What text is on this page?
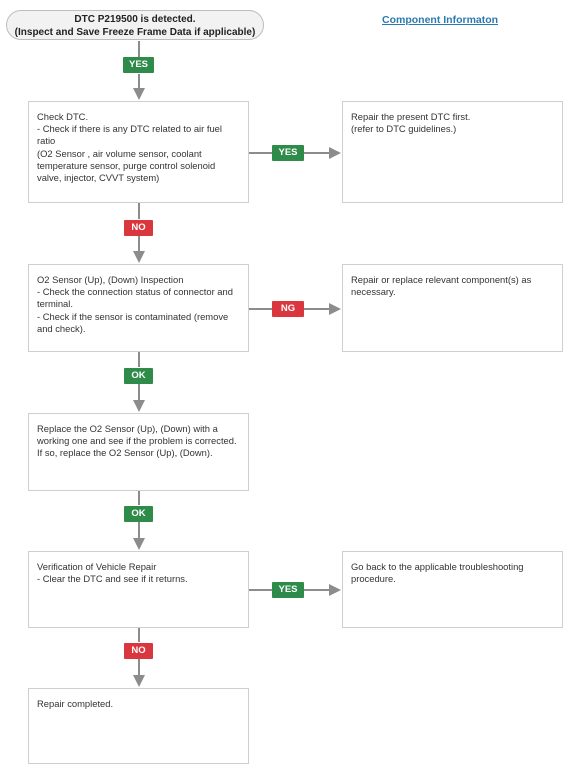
DTC P219500 is detected.
(Inspect and Save Freeze Frame Data if applicable)
Component Informaton
Check DTC.
- Check if there is any DTC related to air fuel ratio
(O2 Sensor , air volume sensor, coolant temperature sensor, purge control solenoid valve, injector, CVVT system)
O2 Sensor (Up), (Down) Inspection
- Check the connection status of connector and terminal.
- Check if the sensor is contaminated (remove and check).
Replace the O2 Sensor (Up), (Down) with a working one and see if the problem is corrected. If so, replace the O2 Sensor (Up), (Down).
Verification of Vehicle Repair
- Clear the DTC and see if it returns.
Repair completed.
Repair the present DTC first.
(refer to DTC guidelines.)
Repair or replace relevant component(s) as necessary.
Go back to the applicable troubleshooting procedure.
YES
NO
OK
OK
NO
YES
NG
YES
